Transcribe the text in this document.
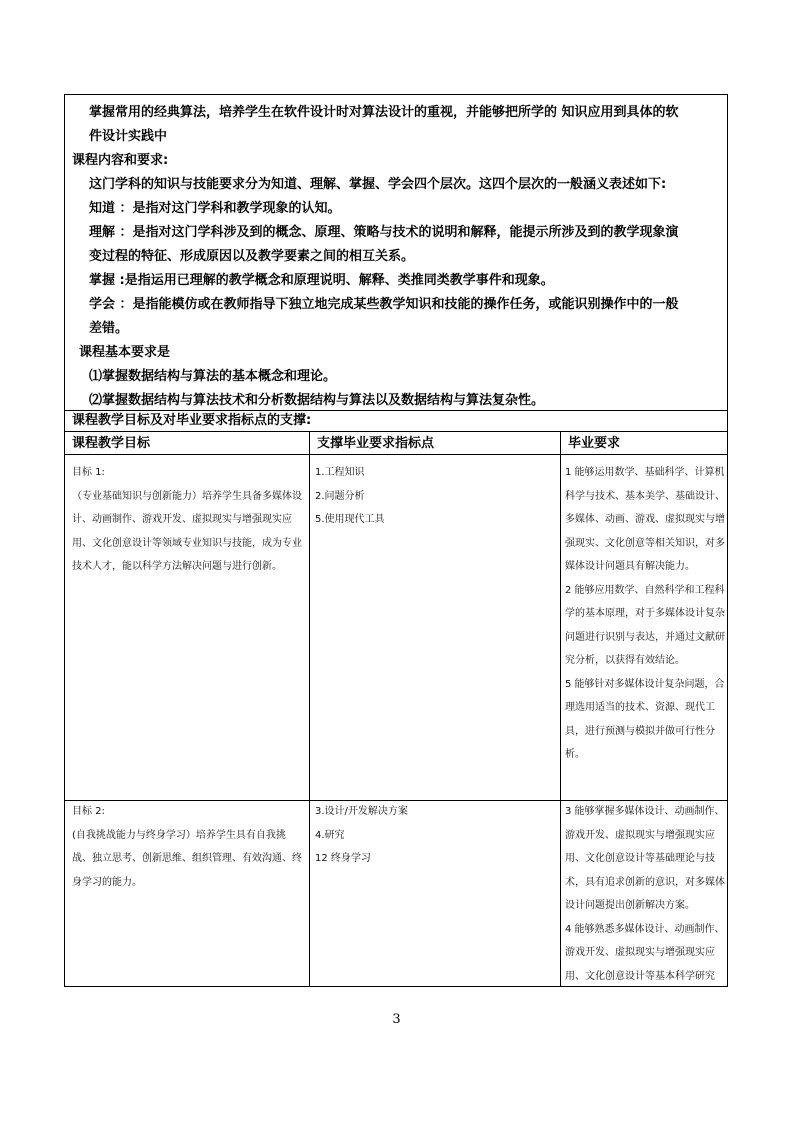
掌握常用的经典算法，培养学生在软件设计时对算法设计的重视，并能够把所学的 知识应用到具体的软

件设计实践中

课程内容和要求:

这门学科的知识与技能要求分为知道、理解、掌握、学会四个层次。这四个层次的一般涵义表述如下:

知道 ：是指对这门学科和教学现象的认知。

理解 ：是指对这门学科涉及到的概念、原理、策略与技术的说明和解释，能提示所涉及到的教学现象演

变过程的特征、形成原因以及教学要素之间的相互关系。

掌握 :是指运用已理解的教学概念和原理说明、解释、类推同类教学事件和现象。

学会 ：是指能模仿或在教师指导下独立地完成某些教学知识和技能的操作任务，或能识别操作中的一般

差错。

课程基本要求是

⑴掌握数据结构与算法的基本概念和理论。

⑵掌握数据结构与算法技术和分析数据结构与算法以及数据结构与算法复杂性。

课程教学目标及对毕业要求指标点的支撑:
课程教学目标	支撑毕业要求指标点	毕业要求

目标 1:

（专业基础知识与创新能力）培养学生具备多媒体设计、动画制作、游戏开发、虚拟现实与增强现实应用、文化创意设计等领域专业知识与技能，成为专业技术人才，能以科学方法解决问题与进行创新。

1.工程知识

2.问题分析

5.使用现代工具

1 能够运用数学、基础科学、计算机科学与技术、基本美学、基础设计、多媒体、动画、游戏、虚拟现实与增强现实、文化创意等相关知识，对多媒体设计问题具有解决能力。

2 能够应用数学、自然科学和工程科学的基本原理，对于多媒体设计复杂问题进行识别与表达，并通过文献研究分析，以获得有效结论。

5 能够针对多媒体设计复杂问题，合理选用适当的技术、资源、现代工具，进行预测与模拟并做可行性分析。

目标 2:

(自我挑战能力与终身学习）培养学生具有自我挑战、独立思考、创新思维、组织管理、有效沟通、终身学习的能力。

3.设计/开发解决方案

4.研究

12 终身学习

3 能够掌握多媒体设计、动画制作、游戏开发、虚拟现实与增强现实应用、文化创意设计等基础理论与技术，具有追求创新的意识，对多媒体设计问题提出创新解决方案。

4 能够熟悉多媒体设计、动画制作、游戏开发、虚拟现实与增强现实应用、文化创意设计等基本科学研究

3
